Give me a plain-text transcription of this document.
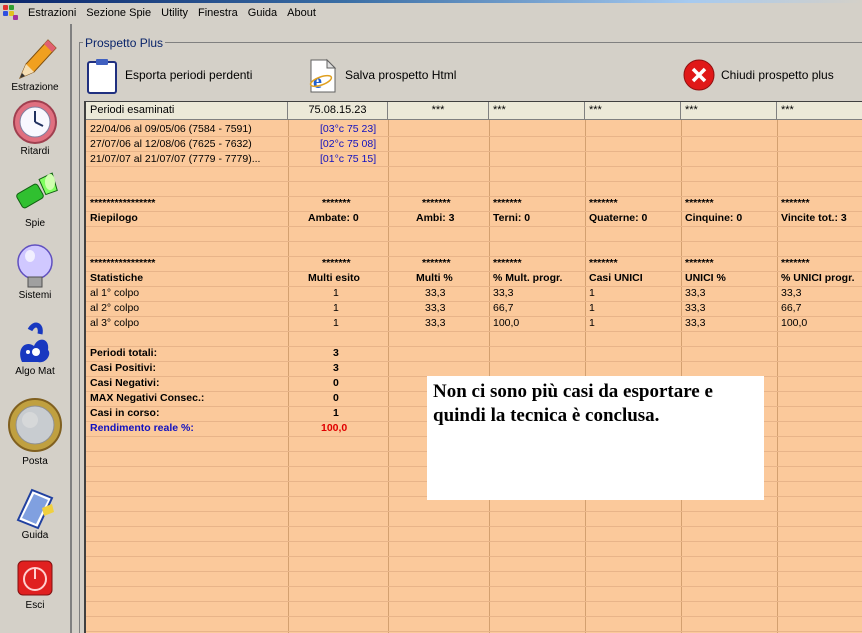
Estrazioni Sezione Spie Utility Finestra Guida About
Estrazione
Ritardi
Spie
Sistemi
Algo Mat
Posta
Guida
Esci
Prospetto Plus
Esporta periodi perdenti	e Salva prospetto Html	Chiudi prospetto plus
Periodi esaminati	75.08.15.23	***	***	***	***	***
22/04/06 al 09/05/06 (7584 - 7591)	[03°c 75 23]
27/07/06 al 12/08/06 (7625 - 7632)	[02°c 75 08]
21/07/07 al 21/07/07 (7779 - 7779)...	[01°c 75 15]
****************	*******	*******	*******	*******	*******	*******
Riepilogo	Ambate: 0	Ambi: 3	Terni: 0	Quaterne: 0	Cinquine: 0	Vincite tot.: 3
****************	*******	*******	*******	*******	*******	*******
Statistiche	Multi esito	Multi %	% Mult. progr.	Casi UNICI	UNICI %	% UNICI progr.
al 1° colpo	1	33,3	33,3	1	33,3	33,3
al 2° colpo	1	33,3	66,7	1	33,3	66,7
al 3° colpo	1	33,3	100,0	1	33,3	100,0
Periodi totali:	3
Casi Positivi:	3
Casi Negativi:	0
MAX Negativi Consec.:	0
Casi in corso:	1
Rendimento reale %:	100,0
Non ci sono più casi da esportare e quindi la tecnica è conclusa.
